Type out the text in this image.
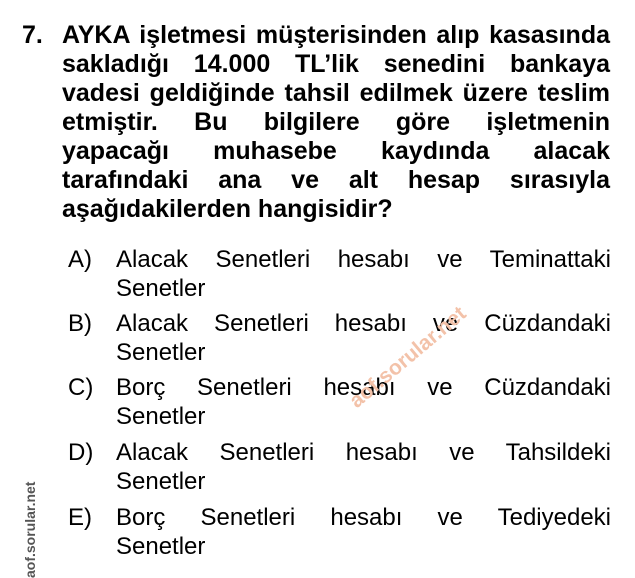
7. AYKA işletmesi müşterisinden alıp kasasında
sakladığı 14.000 TL’lik senedini bankaya
vadesi geldiğinde tahsil edilmek üzere teslim
etmiştir. Bu bilgilere göre işletmenin
yapacağı muhasebe kaydında alacak
tarafındaki ana ve alt hesap sırasıyla
aşağıdakilerden hangisidir?
A) Alacak Senetleri hesabı ve Teminattaki
Senetler
B) Alacak Senetleri hesabı ve Cüzdandaki
Senetler
C) Borç Senetleri hesabı ve Cüzdandaki
Senetler
D) Alacak Senetleri hesabı ve Tahsildeki
Senetler
E) Borç Senetleri hesabı ve Tediyedeki
Senetler
aof.sorular.net
aof.sorular.net
